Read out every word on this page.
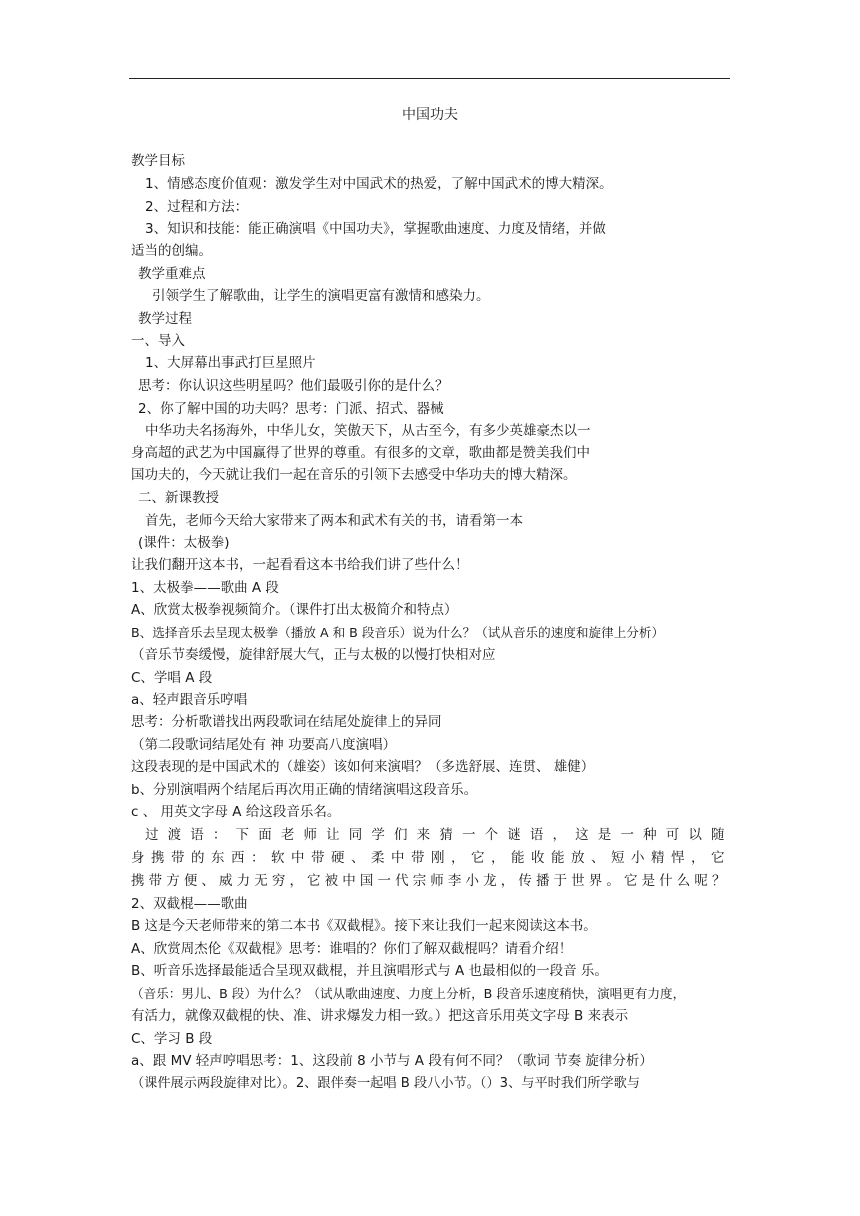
中国功夫
教学目标
1、情感态度价值观：激发学生对中国武术的热爱，了解中国武术的博大精深。
2、过程和方法：
3、知识和技能：能正确演唱《中国功夫》，掌握歌曲速度、力度及情绪，并做
适当的创编。
教学重难点
引领学生了解歌曲，让学生的演唱更富有激情和感染力。
教学过程
一、导入
1、大屏幕出事武打巨星照片
思考：你认识这些明星吗？他们最吸引你的是什么？
2、你了解中国的功夫吗？思考：门派、招式、器械
中华功夫名扬海外，中华儿女，笑傲天下，从古至今，有多少英雄豪杰以一
身高超的武艺为中国赢得了世界的尊重。有很多的文章，歌曲都是赞美我们中
国功夫的，今天就让我们一起在音乐的引领下去感受中华功夫的博大精深。
二、新课教授
首先，老师今天给大家带来了两本和武术有关的书，请看第一本
(课件：太极拳)
让我们翻开这本书，一起看看这本书给我们讲了些什么！
1、太极拳——歌曲 A 段
A、欣赏太极拳视频简介。（课件打出太极简介和特点）
B、选择音乐去呈现太极拳（播放 A 和 B 段音乐）说为什么？（试从音乐的速度和旋律上分析）
（音乐节奏缓慢，旋律舒展大气，正与太极的以慢打快相对应
C、学唱 A 段
a、轻声跟音乐哼唱
思考：分析歌谱找出两段歌词在结尾处旋律上的异同
（第二段歌词结尾处有 神 功要高八度演唱）
这段表现的是中国武术的（雄姿）该如何来演唱？（多选舒展、连贯、 雄健）
b、分别演唱两个结尾后再次用正确的情绪演唱这段音乐。
c 、 用英文字母 A 给这段音乐名。
过渡语：下面老师让同学们来猜一个谜语，这是一种可以随
身携带的东西：软中带硬、柔中带刚，它，能收能放、短小精悍，它
携带方便、威力无穷，它被中国一代宗师李小龙，传播于世界。它是什么呢？
2、双截棍——歌曲
B 这是今天老师带来的第二本书《双截棍》。接下来让我们一起来阅读这本书。
A、欣赏周杰伦《双截棍》思考：谁唱的？你们了解双截棍吗？请看介绍！
B、听音乐选择最能适合呈现双截棍，并且演唱形式与 A 也最相似的一段音 乐。
（音乐：男儿、B 段）为什么？（试从歌曲速度、力度上分析，B 段音乐速度稍快，演唱更有力度，
有活力，就像双截棍的快、准、讲求爆发力相一致。）把这音乐用英文字母 B 来表示
C、学习 B 段
a、跟 MV 轻声哼唱思考：1、这段前 8 小节与 A 段有何不同？（歌词 节奏 旋律分析）
（课件展示两段旋律对比）。2、跟伴奏一起唱 B 段八小节。（）3、与平时我们所学歌与
